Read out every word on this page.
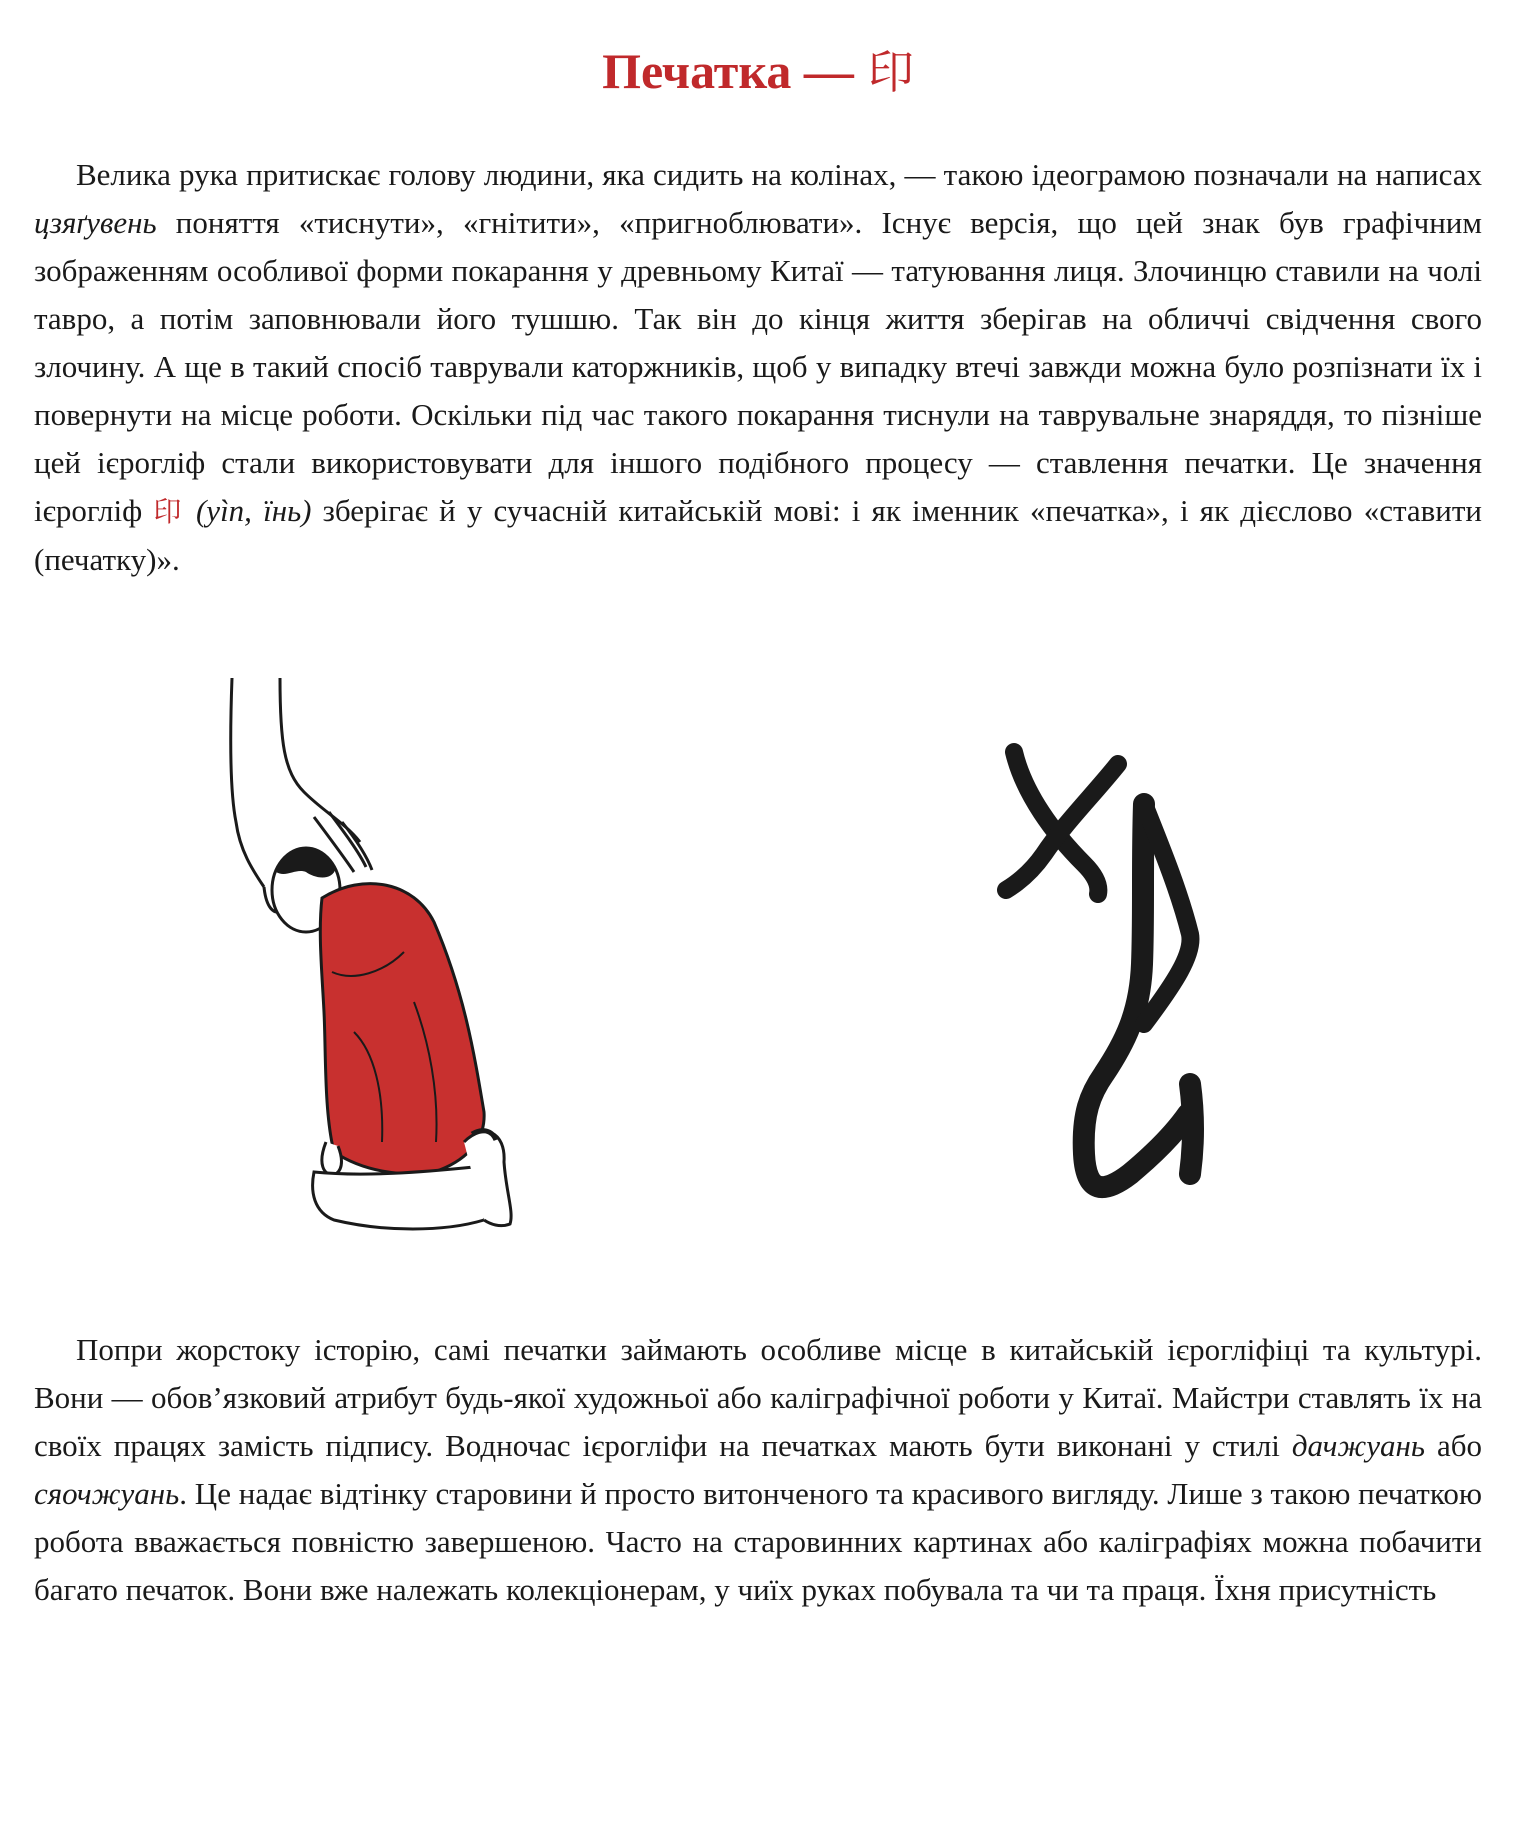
Печатка — 印

Велика рука притискає голову людини, яка сидить на колінах, — такою ідеограмою позначали на написах цзяґувень поняття «тиснути», «гнітити», «пригноблювати». Існує версія, що цей знак був графічним зображенням особливої форми покарання у древньому Китаї — татуювання лиця. Злочинцю ставили на чолі тавро, а потім заповнювали його тушшю. Так він до кінця життя зберігав на обличчі свідчення свого злочину. А ще в такий спосіб таврували каторжників, щоб у випадку втечі завжди можна було розпізнати їх і повернути на місце роботи. Оскільки під час такого покарання тиснули на таврувальне знаряддя, то пізніше цей ієрогліф стали використовувати для іншого подібного процесу — ставлення печатки. Це значення ієрогліф 印 (yìn, їнь) зберігає й у сучасній китайській мові: і як іменник «печатка», і як дієслово «ставити (печатку)».

Попри жорстоку історію, самі печатки займають особливе місце в китайській ієрогліфіці та культурі. Вони — обов’язковий атрибут будь-якої художньої або каліграфічної роботи у Китаї. Майстри ставлять їх на своїх працях замість підпису. Водночас ієрогліфи на печатках мають бути виконані у стилі дачжуань або сяочжуань. Це надає відтінку старовини й просто витонченого та красивого вигляду. Лише з такою печаткою робота вважається повністю завершеною. Часто на старовинних картинах або каліграфіях можна побачити багато печаток. Вони вже належать колекціонерам, у чиїх руках побувала та чи та праця. Їхня присутність
